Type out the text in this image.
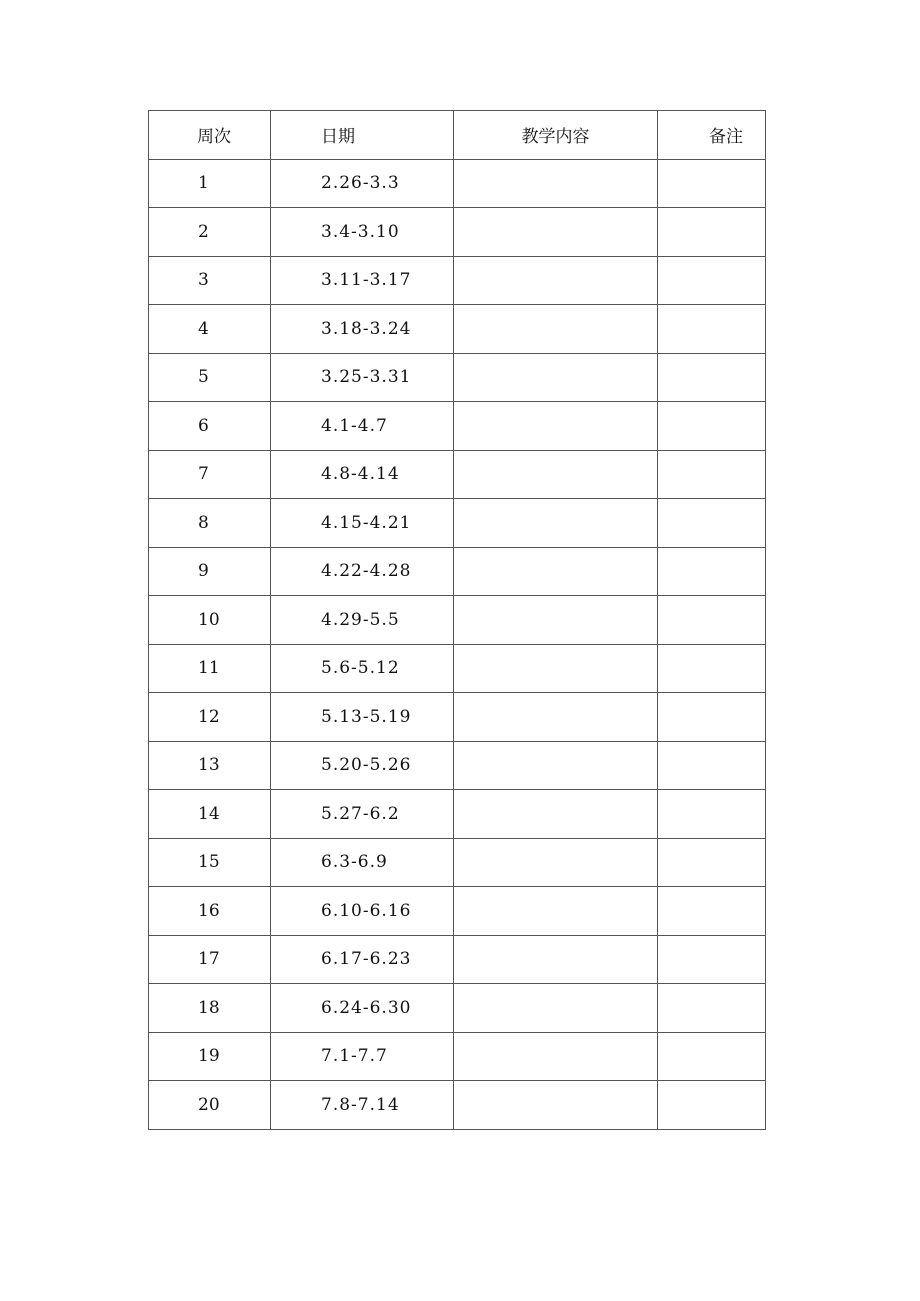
周次	日期	教学内容	备注
1	2.26-3.3		
2	3.4-3.10		
3	3.11-3.17		
4	3.18-3.24		
5	3.25-3.31		
6	4.1-4.7		
7	4.8-4.14		
8	4.15-4.21		
9	4.22-4.28		
10	4.29-5.5		
11	5.6-5.12		
12	5.13-5.19		
13	5.20-5.26		
14	5.27-6.2		
15	6.3-6.9		
16	6.10-6.16		
17	6.17-6.23		
18	6.24-6.30		
19	7.1-7.7		
20	7.8-7.14		
